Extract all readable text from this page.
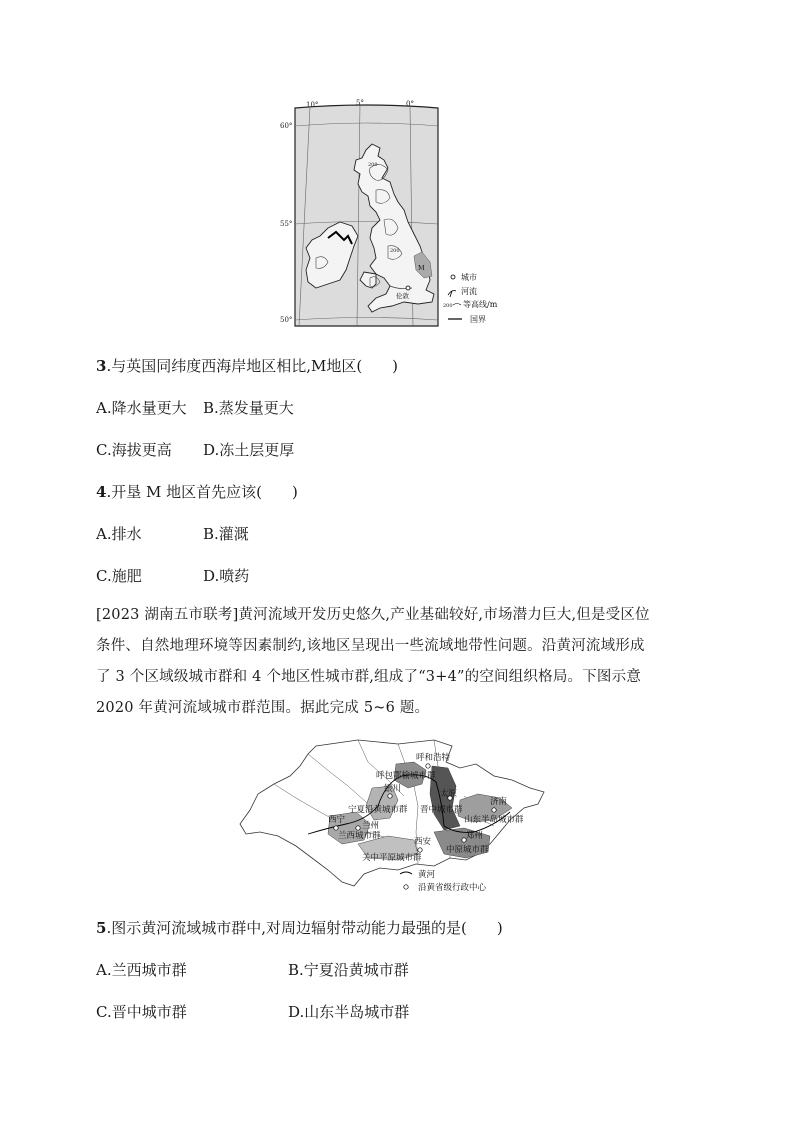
10°	5°	0°
60°
55°
50°
200
200
M
伦敦
城市
河流
200 等高线/m
国界
3.与英国同纬度西海岸地区相比,M地区(　　)
A.降水量更大 B.蒸发量更大
C.海拔更高 D.冻土层更厚
4.开垦 M 地区首先应该(　　)
A.排水	B.灌溉
C.施肥	D.喷药
[2023 湖南五市联考]黄河流域开发历史悠久,产业基础较好,市场潜力巨大,但是受区位
条件、自然地理环境等因素制约,该地区呈现出一些流域地带性问题。沿黄河流域形成
了 3 个区域级城市群和 4 个地区性城市群,组成了“3+4”的空间组织格局。下图示意
2020 年黄河流域城市群范围。据此完成 5~6 题。
呼和浩特
银川	太原
济南
西宁
兰州
西安
郑州
呼包鄂榆城市群
宁夏沿黄城市群 晋中城市群
山东半岛城市群
兰西城市群
关中平原城市群
中原城市群
黄河
沿黄省级行政中心
5.图示黄河流域城市群中,对周边辐射带动能力最强的是(　　)
A.兰西城市群	B.宁夏沿黄城市群
C.晋中城市群	D.山东半岛城市群
